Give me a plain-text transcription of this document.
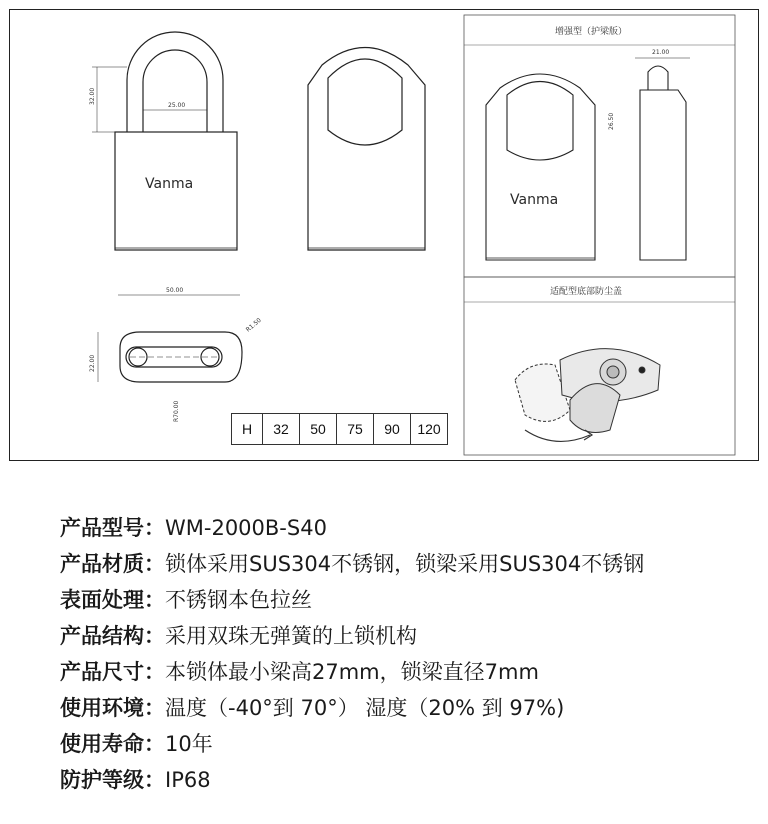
Vanma
32.00
25.00
50.00
22.00
R1.50
R70.00
增强型（护梁版）
Vanma
26.50
21.00
适配型底部防尘盖
H	32	50	75	90	120
产品型号：WM-2000B-S40
产品材质：锁体采用SUS304不锈钢，锁梁采用SUS304不锈钢
表面处理：不锈钢本色拉丝
产品结构：采用双珠无弹簧的上锁机构
产品尺寸：本锁体最小梁高27mm，锁梁直径7mm
使用环境：温度（-40°到 70°） 湿度（20% 到 97%)
使用寿命：10年
防护等级：IP68
